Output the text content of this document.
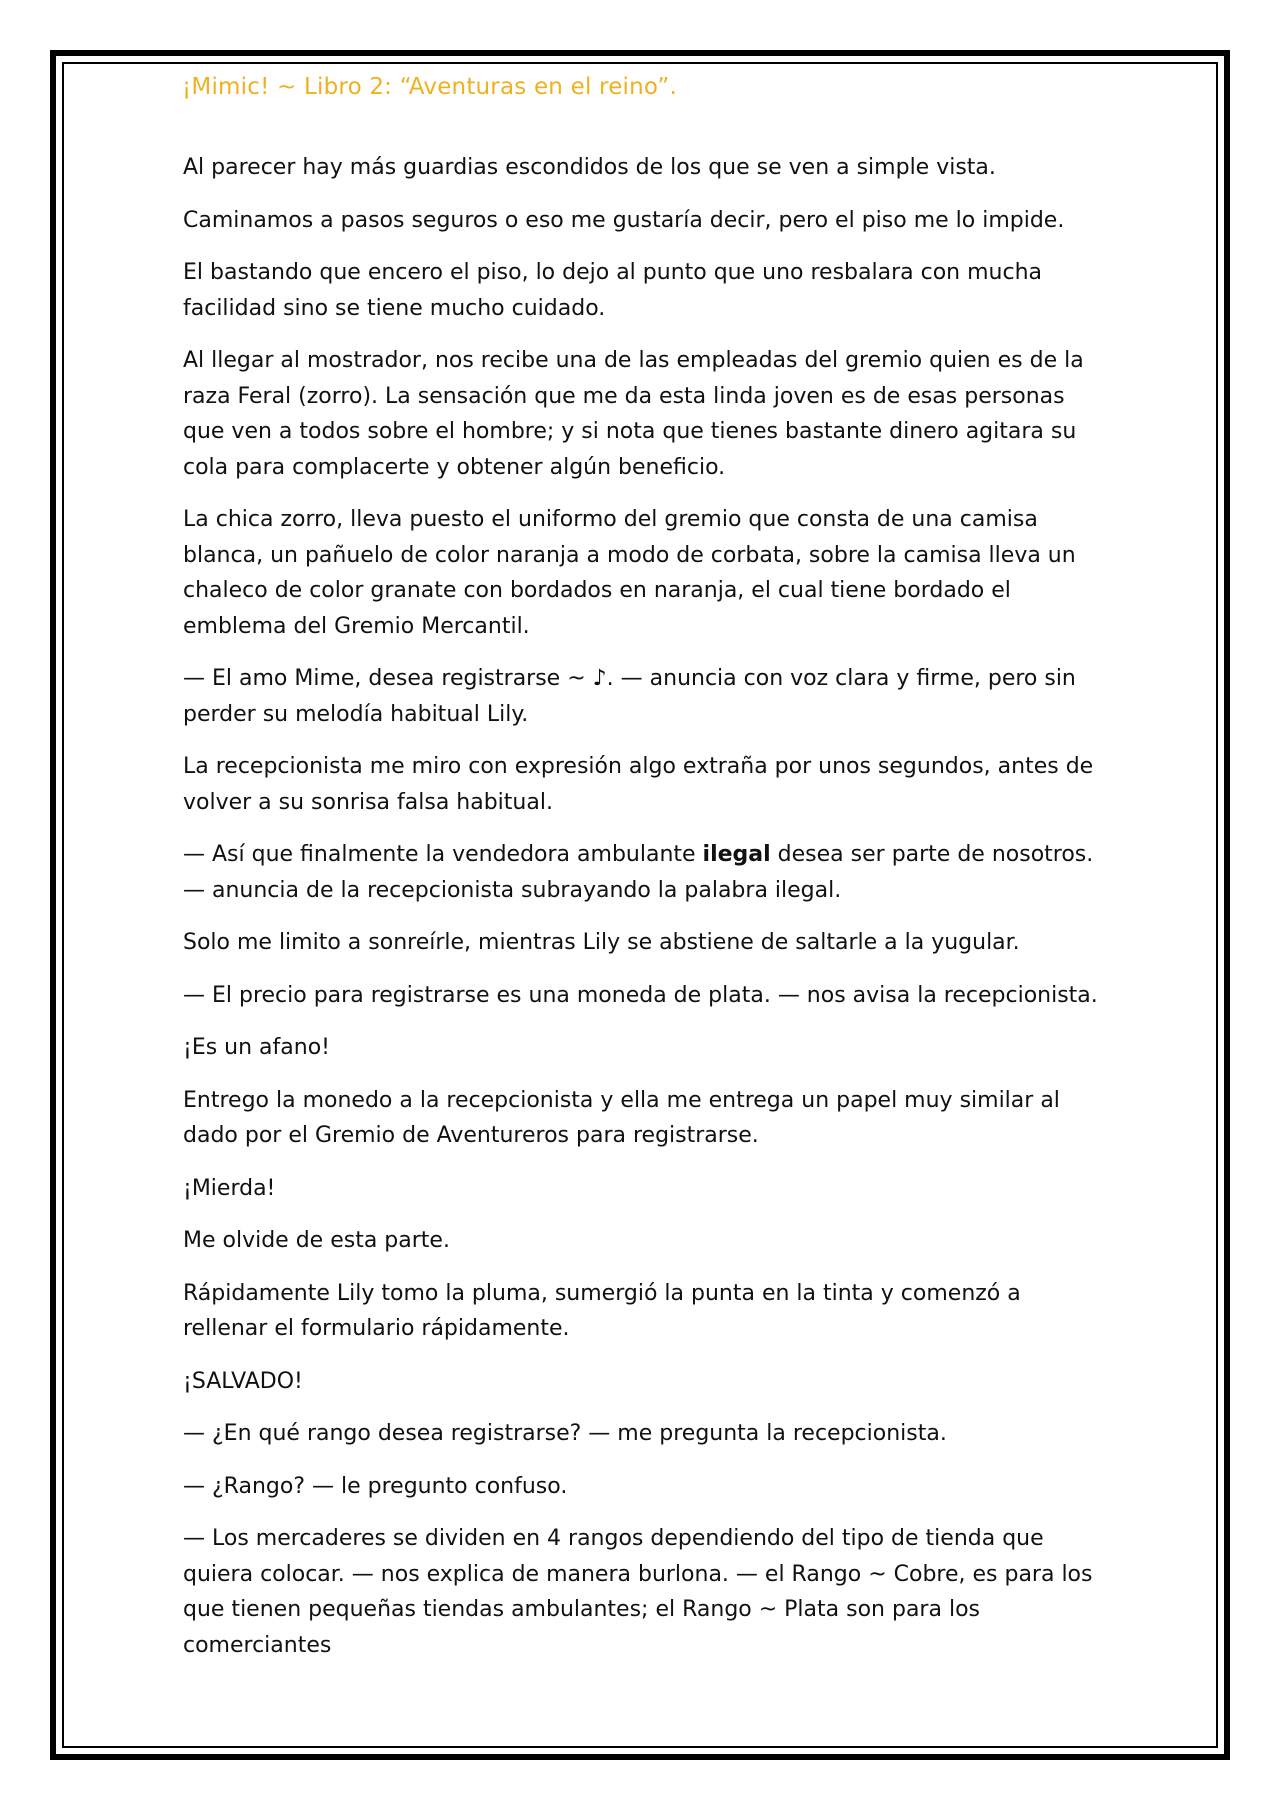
¡Mimic! ~ Libro 2: “Aventuras en el reino”.

Al parecer hay más guardias escondidos de los que se ven a simple vista.

Caminamos a pasos seguros o eso me gustaría decir, pero el piso me lo impide.

El bastando que encero el piso, lo dejo al punto que uno resbalara con mucha facilidad sino se tiene mucho cuidado.

Al llegar al mostrador, nos recibe una de las empleadas del gremio quien es de la raza Feral (zorro). La sensación que me da esta linda joven es de esas personas que ven a todos sobre el hombre; y si nota que tienes bastante dinero agitara su cola para complacerte y obtener algún beneficio.

La chica zorro, lleva puesto el uniformo del gremio que consta de una camisa blanca, un pañuelo de color naranja a modo de corbata, sobre la camisa lleva un chaleco de color granate con bordados en naranja, el cual tiene bordado el emblema del Gremio Mercantil.

— El amo Mime, desea registrarse ~ ♪. — anuncia con voz clara y firme, pero sin perder su melodía habitual Lily.

La recepcionista me miro con expresión algo extraña por unos segundos, antes de volver a su sonrisa falsa habitual.

— Así que finalmente la vendedora ambulante ilegal desea ser parte de nosotros. — anuncia de la recepcionista subrayando la palabra ilegal.

Solo me limito a sonreírle, mientras Lily se abstiene de saltarle a la yugular.

— El precio para registrarse es una moneda de plata. — nos avisa la recepcionista.

¡Es un afano!

Entrego la monedo a la recepcionista y ella me entrega un papel muy similar al dado por el Gremio de Aventureros para registrarse.

¡Mierda!

Me olvide de esta parte.

Rápidamente Lily tomo la pluma, sumergió la punta en la tinta y comenzó a rellenar el formulario rápidamente.

¡SALVADO!

— ¿En qué rango desea registrarse? — me pregunta la recepcionista.

— ¿Rango? — le pregunto confuso.

— Los mercaderes se dividen en 4 rangos dependiendo del tipo de tienda que quiera colocar. — nos explica de manera burlona. — el Rango ~ Cobre, es para los que tienen pequeñas tiendas ambulantes; el Rango ~ Plata son para los comerciantes
